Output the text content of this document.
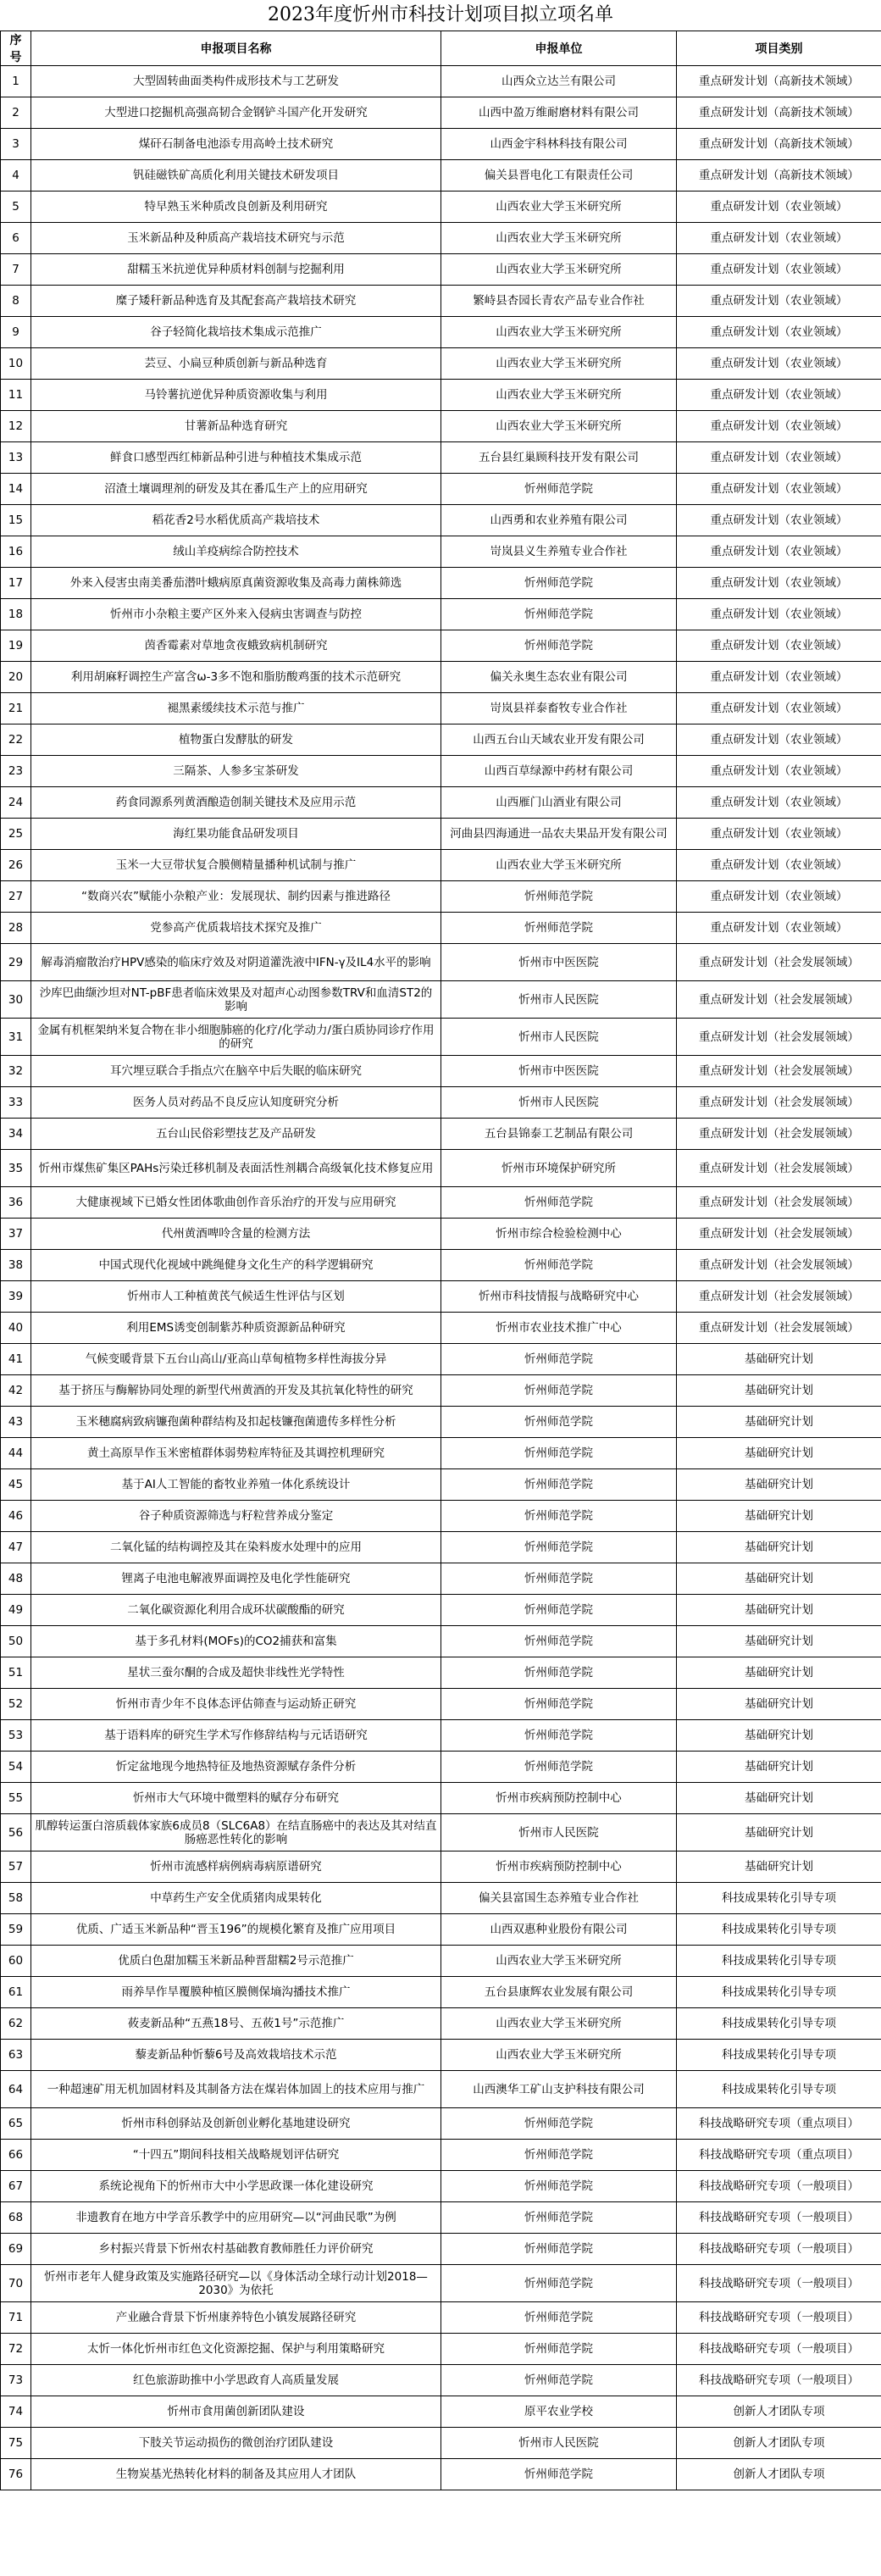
2023年度忻州市科技计划项目拟立项名单
序号	申报项目名称	申报单位	项目类别
1	大型固转曲面类构件成形技术与工艺研发	山西众立达兰有限公司	重点研发计划（高新技术领域）
2	大型进口挖掘机高强高韧合金钢铲斗国产化开发研究	山西中盈万维耐磨材料有限公司	重点研发计划（高新技术领域）
3	煤矸石制备电池添专用高岭土技术研究	山西金宇科林科技有限公司	重点研发计划（高新技术领域）
4	钒硅磁铁矿高质化利用关键技术研发项目	偏关县晋电化工有限责任公司	重点研发计划（高新技术领域）
5	特早熟玉米种质改良创新及利用研究	山西农业大学玉米研究所	重点研发计划（农业领域）
6	玉米新品种及种质高产栽培技术研究与示范	山西农业大学玉米研究所	重点研发计划（农业领域）
7	甜糯玉米抗逆优异种质材料创制与挖掘利用	山西农业大学玉米研究所	重点研发计划（农业领域）
8	糜子矮秆新品种选育及其配套高产栽培技术研究	繁峙县杏园长青农产品专业合作社	重点研发计划（农业领域）
9	谷子轻简化栽培技术集成示范推广	山西农业大学玉米研究所	重点研发计划（农业领域）
10	芸豆、小扁豆种质创新与新品种选育	山西农业大学玉米研究所	重点研发计划（农业领域）
11	马铃薯抗逆优异种质资源收集与利用	山西农业大学玉米研究所	重点研发计划（农业领域）
12	甘薯新品种选育研究	山西农业大学玉米研究所	重点研发计划（农业领域）
13	鲜食口感型西红柿新品种引进与种植技术集成示范	五台县红巢顾科技开发有限公司	重点研发计划（农业领域）
14	沼渣土壤调理剂的研发及其在番瓜生产上的应用研究	忻州师范学院	重点研发计划（农业领域）
15	稻花香2号水稻优质高产栽培技术	山西勇和农业养殖有限公司	重点研发计划（农业领域）
16	绒山羊疫病综合防控技术	岢岚县义生养殖专业合作社	重点研发计划（农业领域）
17	外来入侵害虫南美番茄潜叶蛾病原真菌资源收集及高毒力菌株筛选	忻州师范学院	重点研发计划（农业领域）
18	忻州市小杂粮主要产区外来入侵病虫害调查与防控	忻州师范学院	重点研发计划（农业领域）
19	茵香霉素对草地贪夜蛾致病机制研究	忻州师范学院	重点研发计划（农业领域）
20	利用胡麻籽调控生产富含ω-3多不饱和脂肪酸鸡蛋的技术示范研究	偏关永奥生态农业有限公司	重点研发计划（农业领域）
21	褪黑素缓续技术示范与推广	岢岚县祥泰畜牧专业合作社	重点研发计划（农业领域）
22	植物蛋白发酵肽的研发	山西五台山天域农业开发有限公司	重点研发计划（农业领域）
23	三隔茶、人参多宝茶研发	山西百草绿源中药材有限公司	重点研发计划（农业领域）
24	药食同源系列黄酒酿造创制关键技术及应用示范	山西雁门山酒业有限公司	重点研发计划（农业领域）
25	海红果功能食品研发项目	河曲县四海通进一品农夫果品开发有限公司	重点研发计划（农业领域）
26	玉米一大豆带状复合膜侧精量播种机试制与推广	山西农业大学玉米研究所	重点研发计划（农业领域）
27	“数商兴农”赋能小杂粮产业：发展现状、制约因素与推进路径	忻州师范学院	重点研发计划（农业领域）
28	党参高产优质栽培技术探究及推广	忻州师范学院	重点研发计划（农业领域）
29	解毒消瘤散治疗HPV感染的临床疗效及对阴道灌洗液中IFN-γ及IL4水平的影响	忻州市中医医院	重点研发计划（社会发展领域）
30	沙库巴曲缬沙坦对NT-pBF患者临床效果及对超声心动图参数TRV和血清ST2的影响	忻州市人民医院	重点研发计划（社会发展领域）
31	金属有机框架纳米复合物在非小细胞肺癌的化疗/化学动力/蛋白质协同诊疗作用的研究	忻州市人民医院	重点研发计划（社会发展领域）
32	耳穴埋豆联合手指点穴在脑卒中后失眠的临床研究	忻州市中医医院	重点研发计划（社会发展领域）
33	医务人员对药品不良反应认知度研究分析	忻州市人民医院	重点研发计划（社会发展领域）
34	五台山民俗彩塑技艺及产品研发	五台县锦泰工艺制品有限公司	重点研发计划（社会发展领域）
35	忻州市煤焦矿集区PAHs污染迁移机制及表面活性剂耦合高级氧化技术修复应用	忻州市环境保护研究所	重点研发计划（社会发展领域）
36	大健康视域下已婚女性团体歌曲创作音乐治疗的开发与应用研究	忻州师范学院	重点研发计划（社会发展领域）
37	代州黄酒啤呤含量的检测方法	忻州市综合检验检测中心	重点研发计划（社会发展领域）
38	中国式现代化视域中跳绳健身文化生产的科学逻辑研究	忻州师范学院	重点研发计划（社会发展领域）
39	忻州市人工种植黄芪气候适生性评估与区划	忻州市科技情报与战略研究中心	重点研发计划（社会发展领域）
40	利用EMS诱变创制紫苏种质资源新品种研究	忻州市农业技术推广中心	重点研发计划（社会发展领域）
41	气候变暖背景下五台山高山/亚高山草甸植物多样性海拔分异	忻州师范学院	基础研究计划
42	基于挤压与酶解协同处理的新型代州黄酒的开发及其抗氧化特性的研究	忻州师范学院	基础研究计划
43	玉米穗腐病致病镰孢菌种群结构及扣起枝镰孢菌遗传多样性分析	忻州师范学院	基础研究计划
44	黄土高原旱作玉米密植群体弱势粒库特征及其调控机理研究	忻州师范学院	基础研究计划
45	基于AI人工智能的畜牧业养殖一体化系统设计	忻州师范学院	基础研究计划
46	谷子种质资源筛选与籽粒营养成分鉴定	忻州师范学院	基础研究计划
47	二氧化锰的结构调控及其在染料废水处理中的应用	忻州师范学院	基础研究计划
48	锂离子电池电解液界面调控及电化学性能研究	忻州师范学院	基础研究计划
49	二氧化碳资源化利用合成环状碳酸酯的研究	忻州师范学院	基础研究计划
50	基于多孔材料(MOFs)的CO2捕获和富集	忻州师范学院	基础研究计划
51	星状三蚕尔酮的合成及超快非线性光学特性	忻州师范学院	基础研究计划
52	忻州市青少年不良体态评估筛查与运动矫正研究	忻州师范学院	基础研究计划
53	基于语料库的研究生学术写作修辞结构与元话语研究	忻州师范学院	基础研究计划
54	忻定盆地现今地热特征及地热资源赋存条件分析	忻州师范学院	基础研究计划
55	忻州市大气环境中微塑料的赋存分布研究	忻州市疾病预防控制中心	基础研究计划
56	肌醇转运蛋白溶质载体家族6成员8（SLC6A8）在结直肠癌中的表达及其对结直肠癌恶性转化的影响	忻州市人民医院	基础研究计划
57	忻州市流感样病例病毒病原谱研究	忻州市疾病预防控制中心	基础研究计划
58	中草药生产安全优质猪肉成果转化	偏关县富国生态养殖专业合作社	科技成果转化引导专项
59	优质、广适玉米新品种“晋玉196”的规模化繁育及推广应用项目	山西双惠种业股份有限公司	科技成果转化引导专项
60	优质白色甜加糯玉米新品种晋甜糯2号示范推广	山西农业大学玉米研究所	科技成果转化引导专项
61	雨养旱作旱覆膜种植区膜侧保墒沟播技术推广	五台县康辉农业发展有限公司	科技成果转化引导专项
62	莜麦新品种“五燕18号、五莜1号”示范推广	山西农业大学玉米研究所	科技成果转化引导专项
63	藜麦新品种忻藜6号及高效栽培技术示范	山西农业大学玉米研究所	科技成果转化引导专项
64	一种超速矿用无机加固材料及其制备方法在煤岩体加固上的技术应用与推广	山西澳华工矿山支护科技有限公司	科技成果转化引导专项
65	忻州市科创驿站及创新创业孵化基地建设研究	忻州师范学院	科技战略研究专项（重点项目）
66	“十四五”期间科技相关战略规划评估研究	忻州师范学院	科技战略研究专项（重点项目）
67	系统论视角下的忻州市大中小学思政课一体化建设研究	忻州师范学院	科技战略研究专项（一般项目）
68	非遗教育在地方中学音乐教学中的应用研究—以“河曲民歌”为例	忻州师范学院	科技战略研究专项（一般项目）
69	乡村振兴背景下忻州农村基础教育教师胜任力评价研究	忻州师范学院	科技战略研究专项（一般项目）
70	忻州市老年人健身政策及实施路径研究—以《身体活动全球行动计划2018—2030》为依托	忻州师范学院	科技战略研究专项（一般项目）
71	产业融合背景下忻州康养特色小镇发展路径研究	忻州师范学院	科技战略研究专项（一般项目）
72	太忻一体化忻州市红色文化资源挖掘、保护与利用策略研究	忻州师范学院	科技战略研究专项（一般项目）
73	红色旅游助推中小学思政育人高质量发展	忻州师范学院	科技战略研究专项（一般项目）
74	忻州市食用菌创新团队建设	原平农业学校	创新人才团队专项
75	下肢关节运动损伤的微创治疗团队建设	忻州市人民医院	创新人才团队专项
76	生物炭基光热转化材料的制备及其应用人才团队	忻州师范学院	创新人才团队专项
